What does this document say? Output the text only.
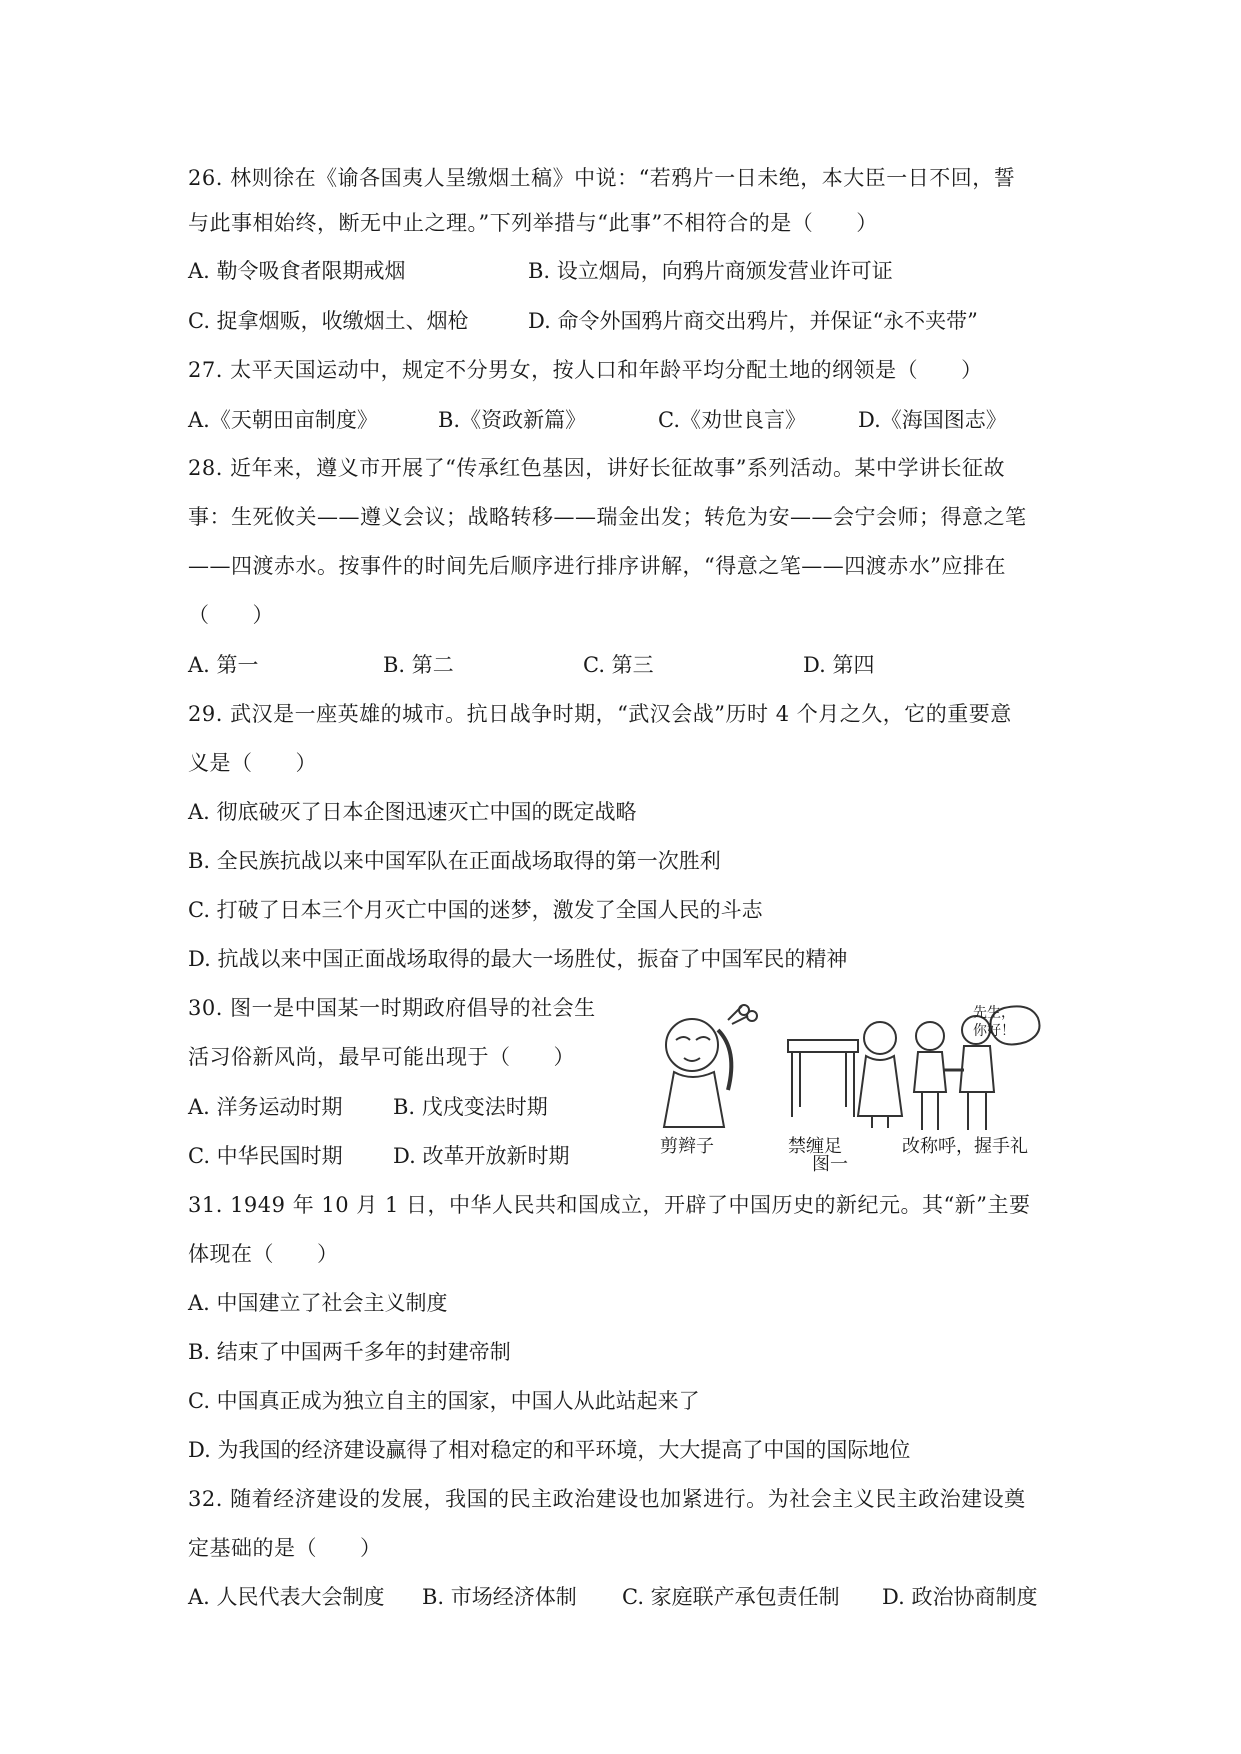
26. 林则徐在《谕各国夷人呈缴烟土稿》中说：“若鸦片一日未绝，本大臣一日不回，誓
与此事相始终，断无中止之理。”下列举措与“此事”不相符合的是（　　）
A. 勒令吸食者限期戒烟	B. 设立烟局，向鸦片商颁发营业许可证
C. 捉拿烟贩，收缴烟土、烟枪	D. 命令外国鸦片商交出鸦片，并保证“永不夹带”
27. 太平天国运动中，规定不分男女，按人口和年龄平均分配土地的纲领是（　　）
A.《天朝田亩制度》	B.《资政新篇》	C.《劝世良言》 D.《海国图志》
28. 近年来，遵义市开展了“传承红色基因，讲好长征故事”系列活动。某中学讲长征故
事：生死攸关——遵义会议；战略转移——瑞金出发；转危为安——会宁会师；得意之笔
——四渡赤水。按事件的时间先后顺序进行排序讲解，“得意之笔——四渡赤水”应排在
（　　）
A. 第一	B. 第二	C. 第三	D. 第四
29. 武汉是一座英雄的城市。抗日战争时期，“武汉会战”历时 4 个月之久，它的重要意
义是（　　）
A. 彻底破灭了日本企图迅速灭亡中国的既定战略
B. 全民族抗战以来中国军队在正面战场取得的第一次胜利
C. 打破了日本三个月灭亡中国的迷梦，激发了全国人民的斗志
D. 抗战以来中国正面战场取得的最大一场胜仗，振奋了中国军民的精神
30. 图一是中国某一时期政府倡导的社会生
活习俗新风尚，最早可能出现于（　　）
A. 洋务运动时期 B. 戊戌变法时期
C. 中华民国时期 D. 改革开放新时期
先生，
你好！
剪辫子	禁缠足	改称呼，握手礼
图一
31. 1949 年 10 月 1 日，中华人民共和国成立，开辟了中国历史的新纪元。其“新”主要
体现在（　　）
A. 中国建立了社会主义制度
B. 结束了中国两千多年的封建帝制
C. 中国真正成为独立自主的国家，中国人从此站起来了
D. 为我国的经济建设赢得了相对稳定的和平环境，大大提高了中国的国际地位
32. 随着经济建设的发展，我国的民主政治建设也加紧进行。为社会主义民主政治建设奠
定基础的是（　　）
A. 人民代表大会制度 B. 市场经济体制 C. 家庭联产承包责任制 D. 政治协商制度
